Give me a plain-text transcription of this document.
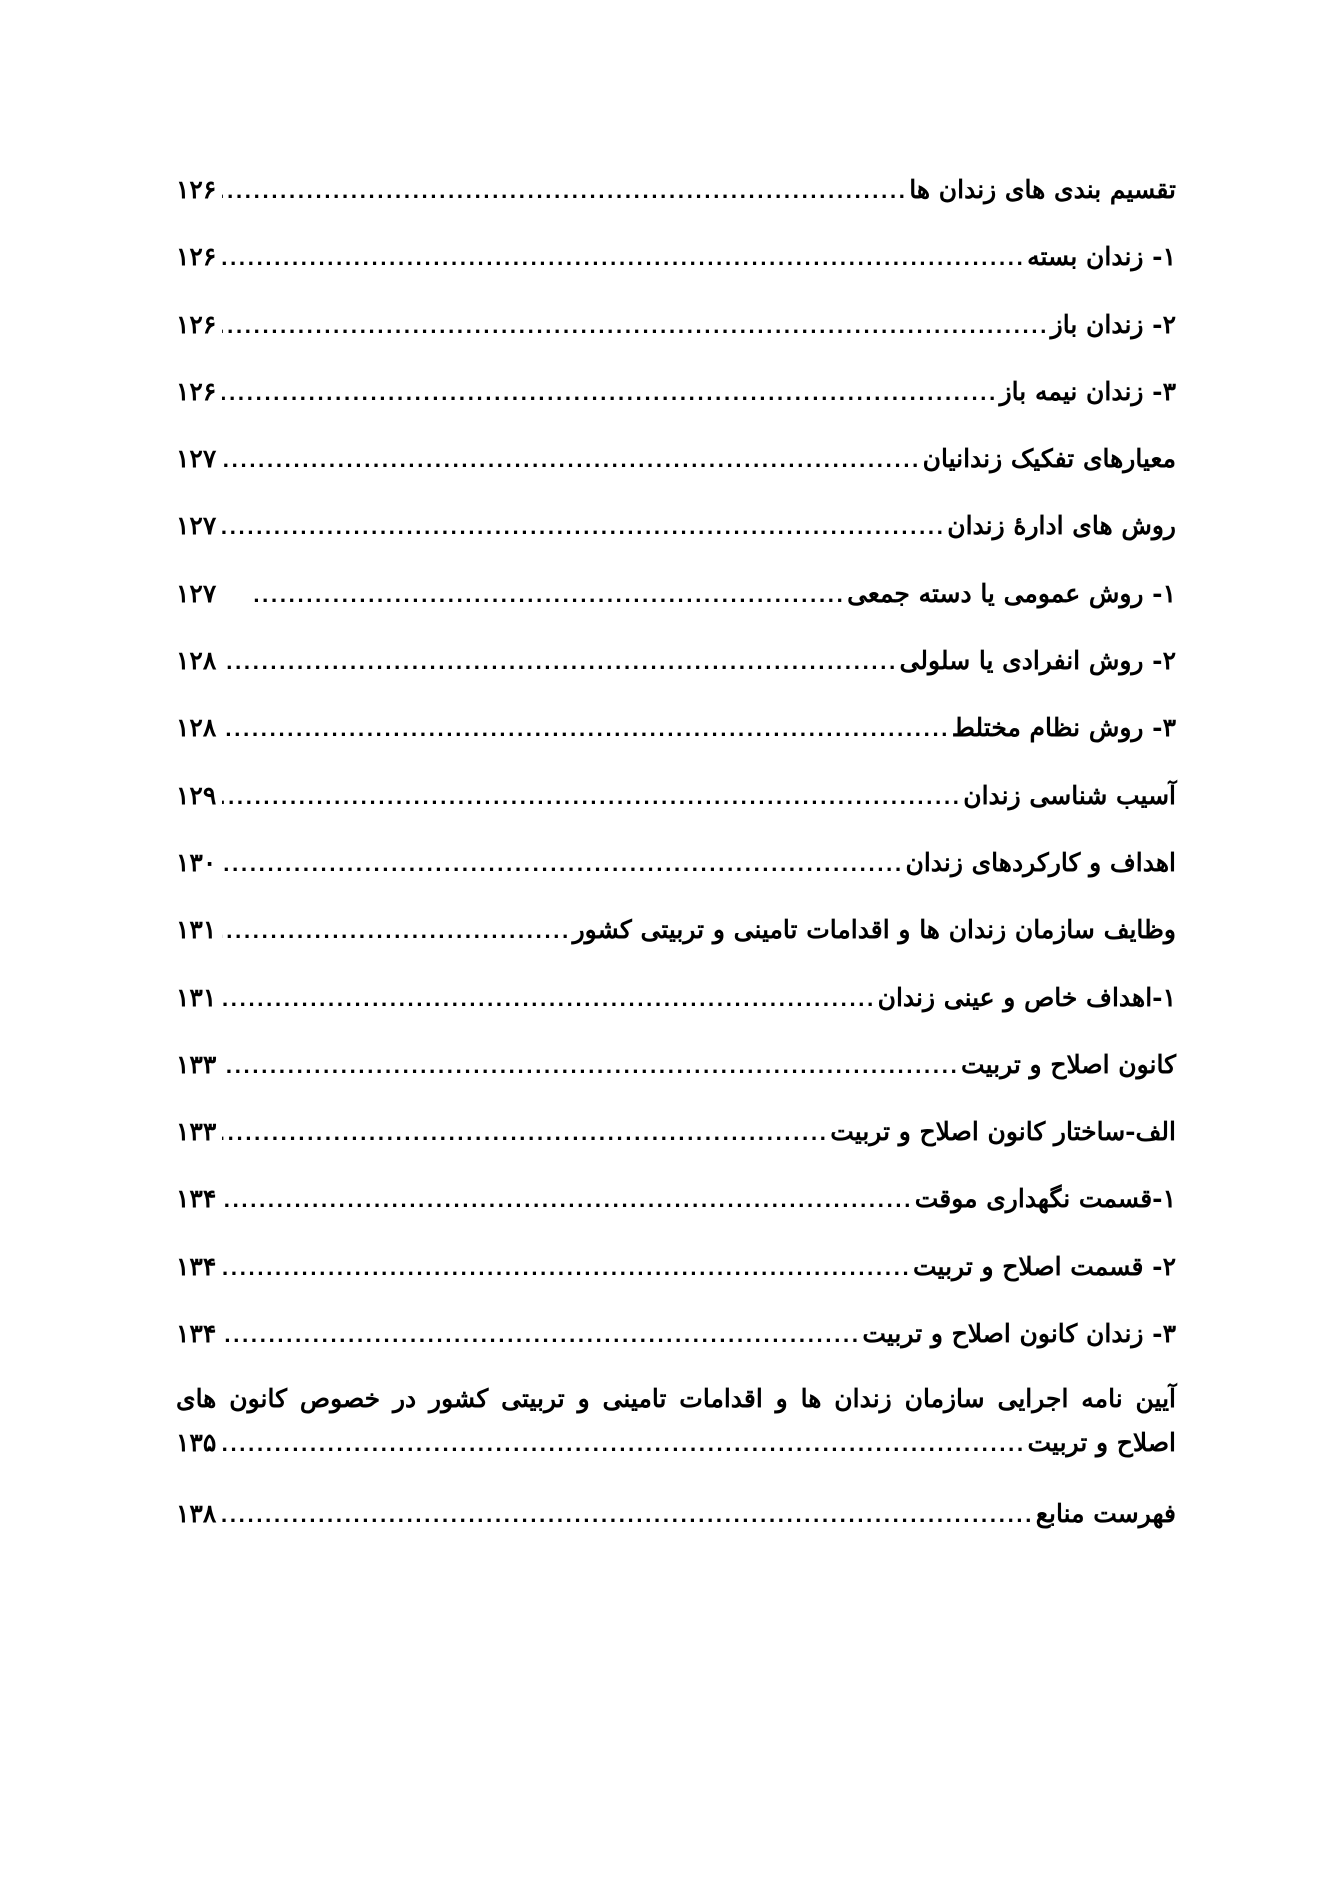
تقسیم بندی های زندان ها
.....
۱۲۶
۱- زندان بسته
.....
۱۲۶
۲- زندان باز
.....
۱۲۶
۳- زندان نیمه باز
.....
۱۲۶
معیارهای تفکیک زندانیان
.....
۱۲۷
روش های ادارهٔ زندان
.....
۱۲۷
۱- روش عمومی یا دسته جمعی
.....
۱۲۷
۲- روش انفرادی یا سلولی
.....
۱۲۸
۳- روش نظام مختلط
.....
۱۲۸
آسیب شناسی زندان
.....
۱۲۹
اهداف و کارکردهای زندان
.....
۱۳۰
وظایف سازمان زندان ها و اقدامات تامینی و تربیتی کشور
.....
۱۳۱
۱-اهداف خاص و عینی زندان
.....
۱۳۱
کانون اصلاح و تربیت
.....
۱۳۳
الف-ساختار کانون اصلاح و تربیت
.....
۱۳۳
۱-قسمت نگهداری موقت
.....
۱۳۴
۲- قسمت اصلاح و تربیت
.....
۱۳۴
۳- زندان کانون اصلاح و تربیت
.....
۱۳۴
آیین نامه اجرایی سازمان زندان ها و اقدامات تامینی و تربیتی کشور در خصوص کانون های
اصلاح و تربیت
.....
۱۳۵
فهرست منابع
.....
۱۳۸
